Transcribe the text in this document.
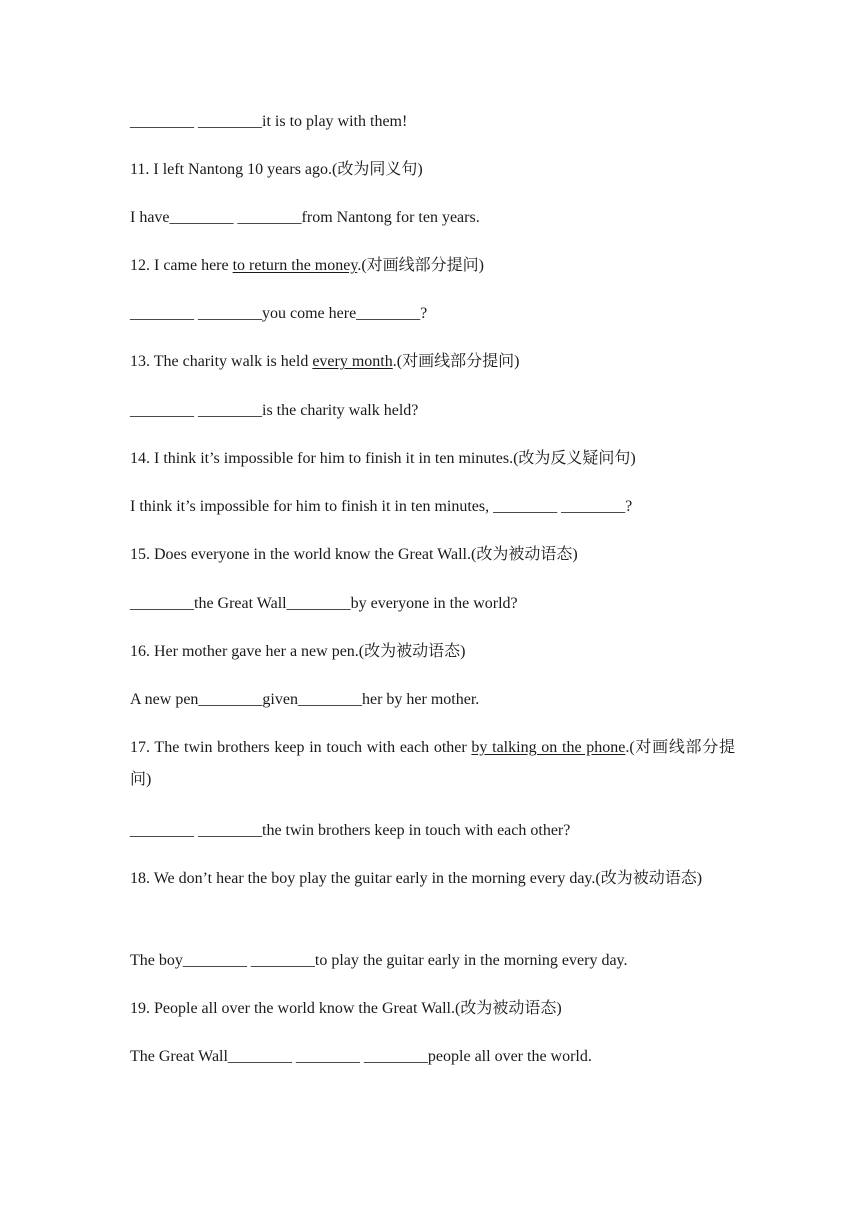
________ ________it is to play with them!
11. I left Nantong 10 years ago.(改为同义句)
I have________ ________from Nantong for ten years.
12. I came here to return the money.(对画线部分提问)
________ ________you come here________?
13. The charity walk is held every month.(对画线部分提问)
________ ________is the charity walk held?
14. I think it’s impossible for him to finish it in ten minutes.(改为反义疑问句)
I think it’s impossible for him to finish it in ten minutes, ________ ________?
15. Does everyone in the world know the Great Wall.(改为被动语态)
________the Great Wall________by everyone in the world?
16. Her mother gave her a new pen.(改为被动语态)
A new pen________given________her by her mother.
17. The twin brothers keep in touch with each other by talking on the phone.(对画线部分提问)
________ ________the twin brothers keep in touch with each other?
18. We don’t hear the boy play the guitar early in the morning every day.(改为被动语态)
The boy________ ________to play the guitar early in the morning every day.
19. People all over the world know the Great Wall.(改为被动语态)
The Great Wall________ ________ ________people all over the world.
